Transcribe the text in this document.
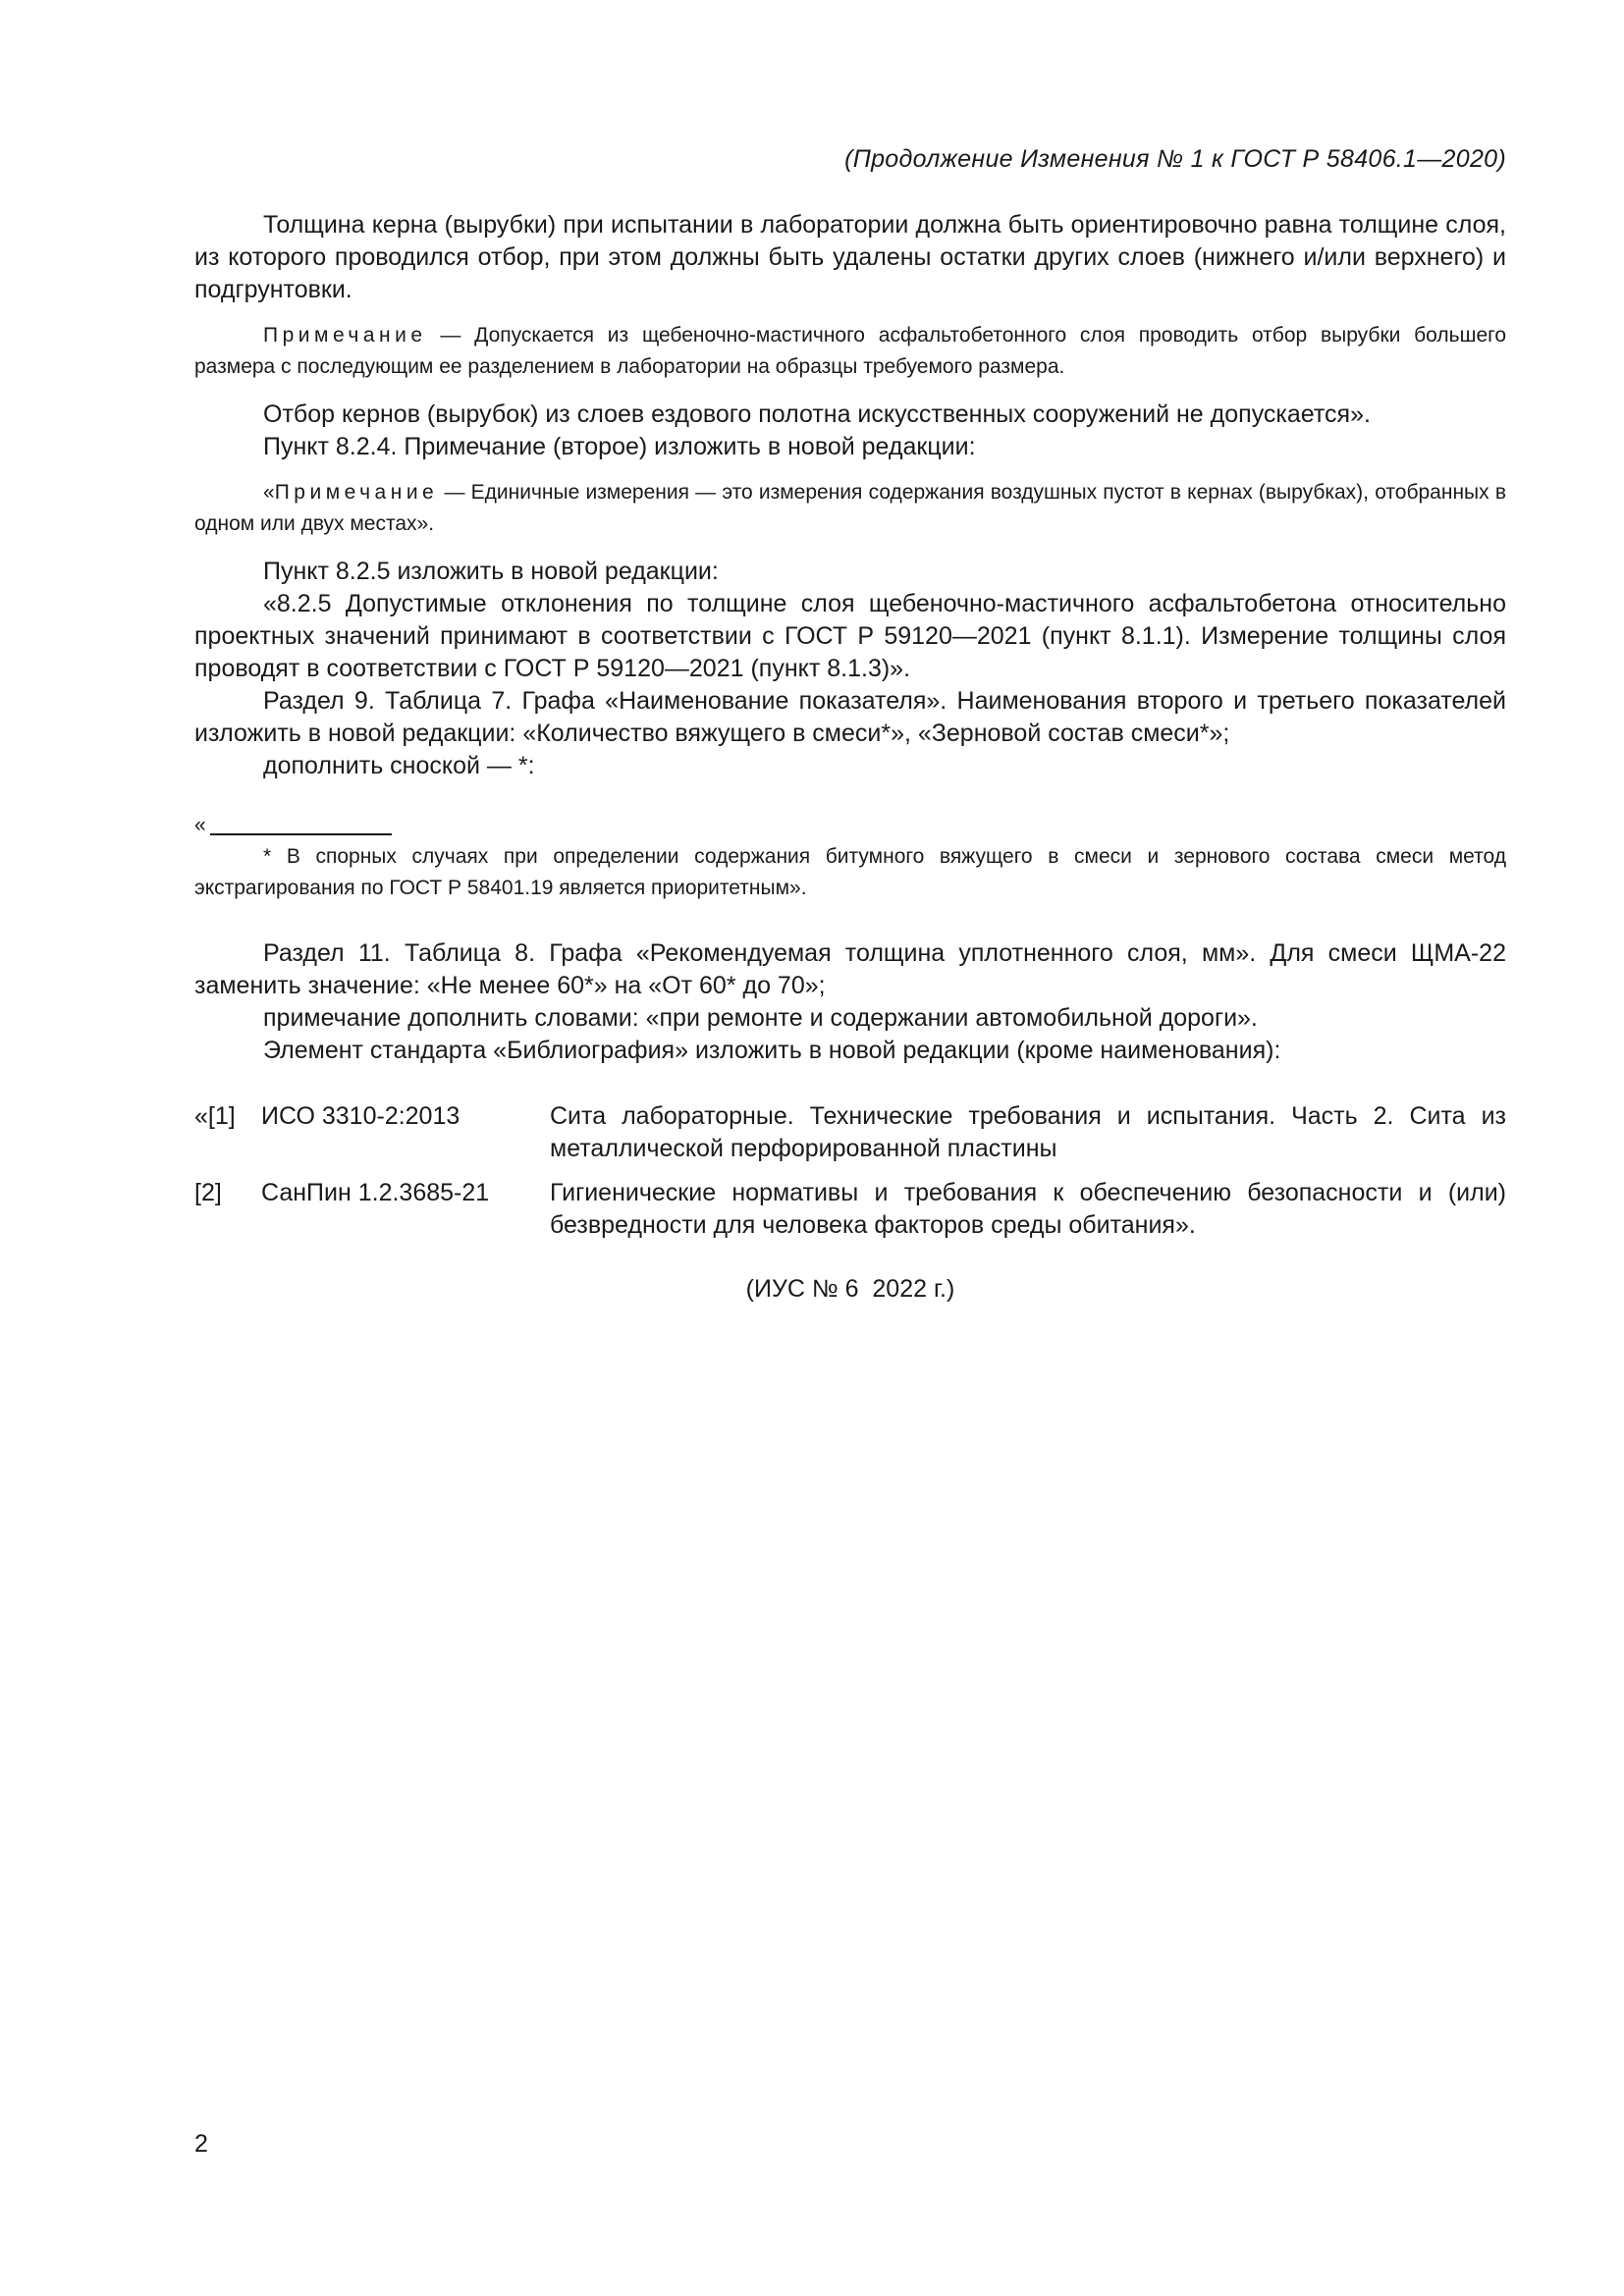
(Продолжение Изменения № 1 к ГОСТ Р 58406.1—2020)

Толщина керна (вырубки) при испытании в лаборатории должна быть ориентировочно равна толщине слоя, из которого проводился отбор, при этом должны быть удалены остатки других слоев (нижнего и/или верхнего) и подгрунтовки.

Примечание — Допускается из щебеночно-мастичного асфальтобетонного слоя проводить отбор вырубки большего размера с последующим ее разделением в лаборатории на образцы требуемого размера.

Отбор кернов (вырубок) из слоев ездового полотна искусственных сооружений не допускается».

Пункт 8.2.4. Примечание (второе) изложить в новой редакции:

«Примечание — Единичные измерения — это измерения содержания воздушных пустот в кернах (вырубках), отобранных в одном или двух местах».

Пункт 8.2.5 изложить в новой редакции:

«8.2.5 Допустимые отклонения по толщине слоя щебеночно-мастичного асфальтобетона относительно проектных значений принимают в соответствии с ГОСТ Р 59120—2021 (пункт 8.1.1). Измерение толщины слоя проводят в соответствии с ГОСТ Р 59120—2021 (пункт 8.1.3)».

Раздел 9. Таблица 7. Графа «Наименование показателя». Наименования второго и третьего показателей изложить в новой редакции: «Количество вяжущего в смеси*», «Зерновой состав смеси*»;

дополнить сноской — *:

«

* В спорных случаях при определении содержания битумного вяжущего в смеси и зернового состава смеси метод экстрагирования по ГОСТ Р 58401.19 является приоритетным».

Раздел 11. Таблица 8. Графа «Рекомендуемая толщина уплотненного слоя, мм». Для смеси ЩМА-22 заменить значение: «Не менее 60*» на «От 60* до 70»;

примечание дополнить словами: «при ремонте и содержании автомобильной дороги».

Элемент стандарта «Библиография» изложить в новой редакции (кроме наименования):

«[1]	ИСО 3310-2:2013	Сита лабораторные. Технические требования и испытания. Часть 2. Сита из металлической перфорированной пластины
[2]	СанПин 1.2.3685-21	Гигиенические нормативы и требования к обеспечению безопасности и (или) безвредности для человека факторов среды обитания».

(ИУС № 6  2022 г.)

2
